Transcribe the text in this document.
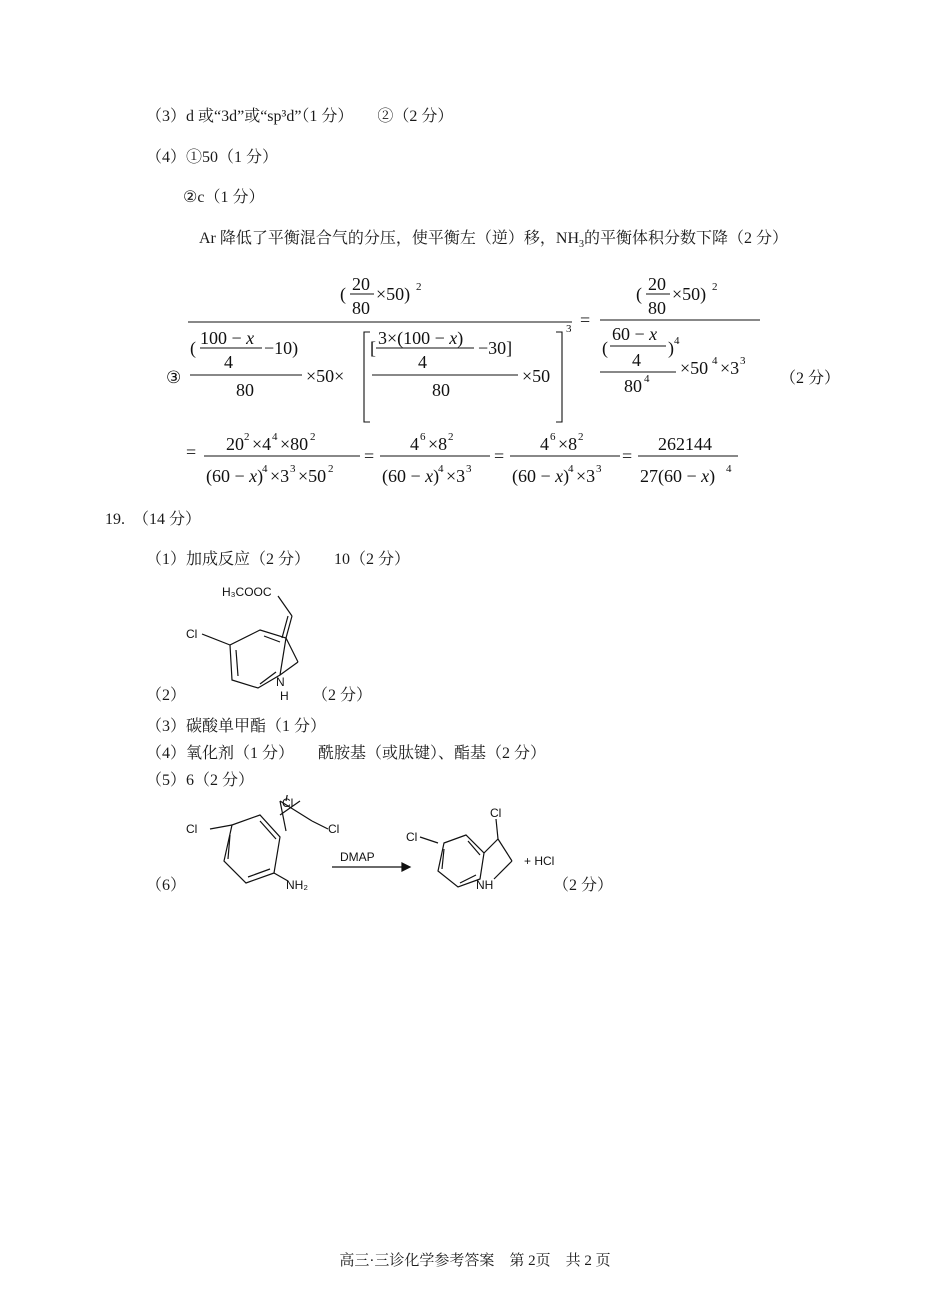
（3）d 或“3d”或“sp³d”（1 分）　　②（2 分）
（4）①50（1 分）
②c（1 分）
Ar 降低了平衡混合气的分压，使平衡左（逆）移，$NH_3$的平衡体积分数下降（2 分）
③
( 20
80
×50) 2
( 100 − x
4
−10)
80
×50×
[ 3×(100 − x)
4
−30]
80
×50
3 =
( 20
80
×50) 2
(
60 − x
4
) 4
80 4
×50 4 ×3 3
（2 分）
= 20 2 ×4 4 ×80 2
(60 − x)
4 ×3 3 ×50 2
=
4 6 ×8 2
(60 − x)
4 ×3 3
=
4 6 ×8 2
(60 − x)
4 ×3 3
=
262144
27(60 − x) 4
19.　（14 分）
（1）加成反应（2 分）　　10（2 分）
（2）
H₃COOC
Cl
N
H （2 分）
（3）碳酸单甲酯（1 分）
（4）氧化剂（1 分）　　酰胺基（或肽键）、酯基（2 分）
（5）6（2 分）
（6）
Cl
Cl
Cl
NH₂
DMAP
Cl
Cl
NH
+ HCl
（2 分）
高三·三诊化学参考答案　第 2页　共 2 页
